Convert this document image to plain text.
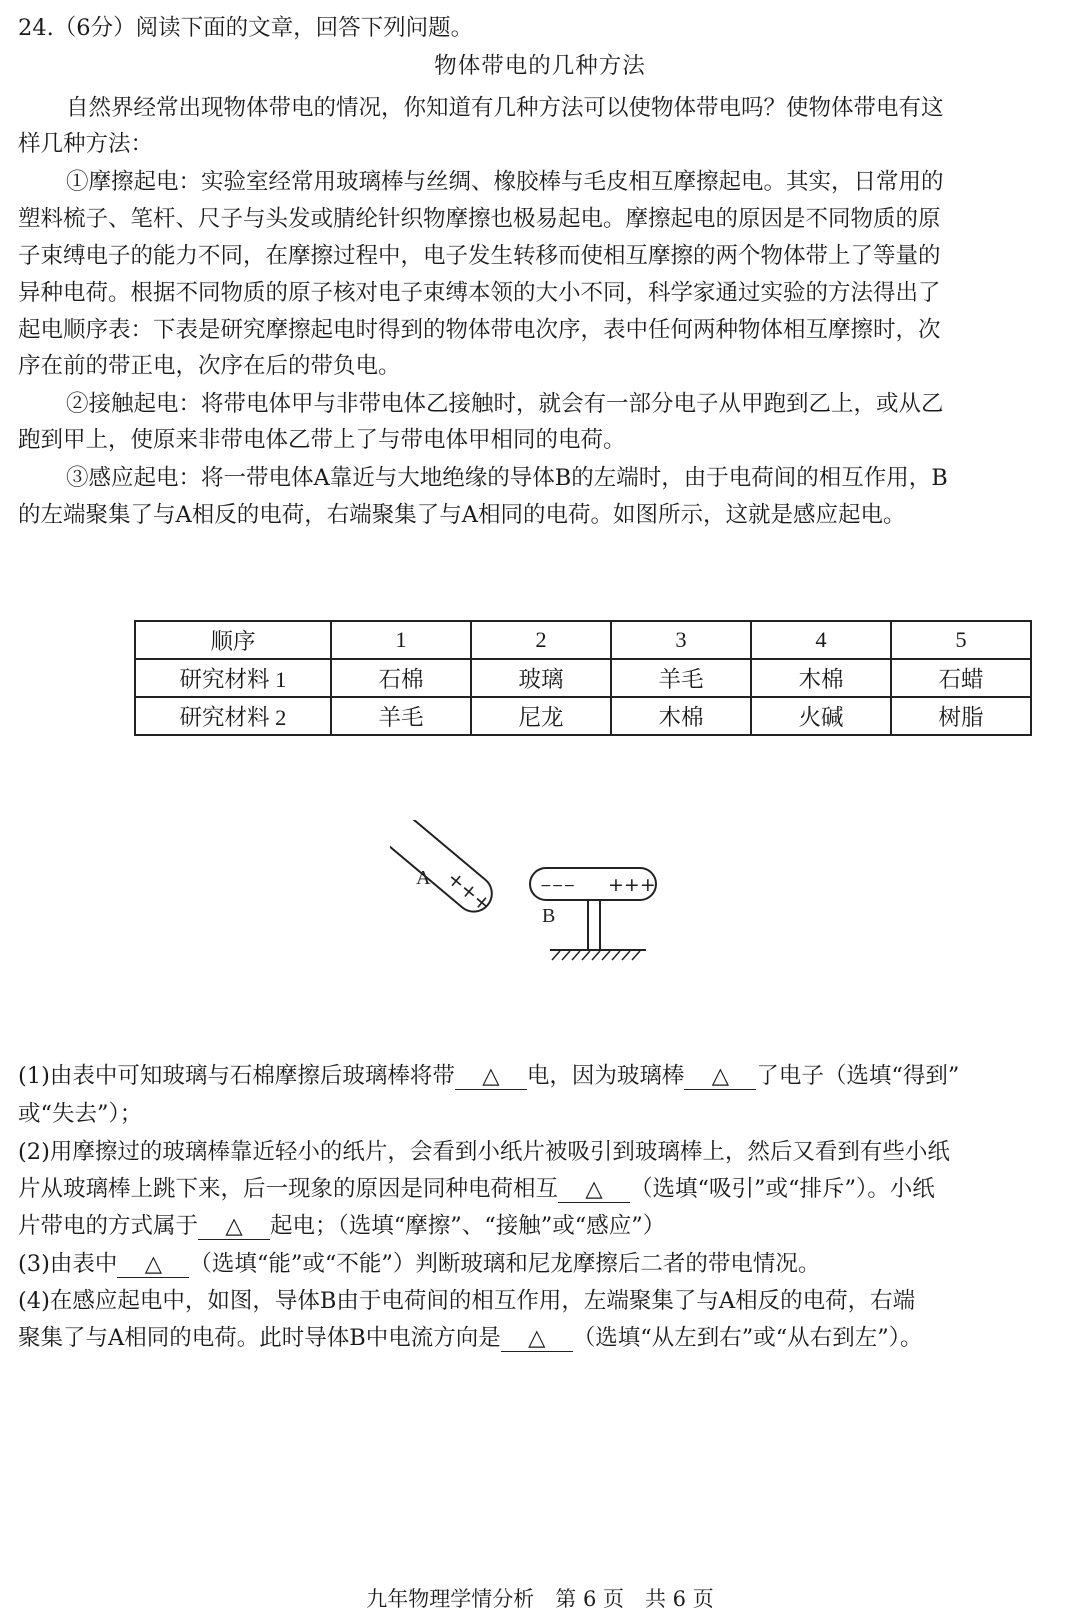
24.（6分）阅读下面的文章，回答下列问题。
物体带电的几种方法
自然界经常出现物体带电的情况，你知道有几种方法可以使物体带电吗？使物体带电有这
样几种方法：
①摩擦起电：实验室经常用玻璃棒与丝绸、橡胶棒与毛皮相互摩擦起电。其实，日常用的
塑料梳子、笔杆、尺子与头发或腈纶针织物摩擦也极易起电。摩擦起电的原因是不同物质的原
子束缚电子的能力不同，在摩擦过程中，电子发生转移而使相互摩擦的两个物体带上了等量的
异种电荷。根据不同物质的原子核对电子束缚本领的大小不同，科学家通过实验的方法得出了
起电顺序表：下表是研究摩擦起电时得到的物体带电次序，表中任何两种物体相互摩擦时，次
序在前的带正电，次序在后的带负电。
②接触起电：将带电体甲与非带电体乙接触时，就会有一部分电子从甲跑到乙上，或从乙
跑到甲上，使原来非带电体乙带上了与带电体甲相同的电荷。
③感应起电：将一带电体A靠近与大地绝缘的导体B的左端时，由于电荷间的相互作用，B
的左端聚集了与A相反的电荷，右端聚集了与A相同的电荷。如图所示，这就是感应起电。
顺序	1	2	3	4	5
研究材料 1	石棉	玻璃	羊毛	木棉	石蜡
研究材料 2	羊毛	尼龙	木棉	火碱	树脂
+++
A	−−− +++
B
(1)由表中可知玻璃与石棉摩擦后玻璃棒将带 △ 电，因为玻璃棒 △ 了电子（选填“得到”
或“失去”）；
(2)用摩擦过的玻璃棒靠近轻小的纸片，会看到小纸片被吸引到玻璃棒上，然后又看到有些小纸
片从玻璃棒上跳下来，后一现象的原因是同种电荷相互 △ （选填“吸引”或“排斥”）。小纸
片带电的方式属于 △ 起电；（选填“摩擦”、“接触”或“感应”）
(3)由表中 △ （选填“能”或“不能”）判断玻璃和尼龙摩擦后二者的带电情况。
(4)在感应起电中，如图，导体B由于电荷间的相互作用，左端聚集了与A相反的电荷，右端
聚集了与A相同的电荷。此时导体B中电流方向是 △ （选填“从左到右”或“从右到左”）。
九年物理学情分析　第 6 页　共 6 页
